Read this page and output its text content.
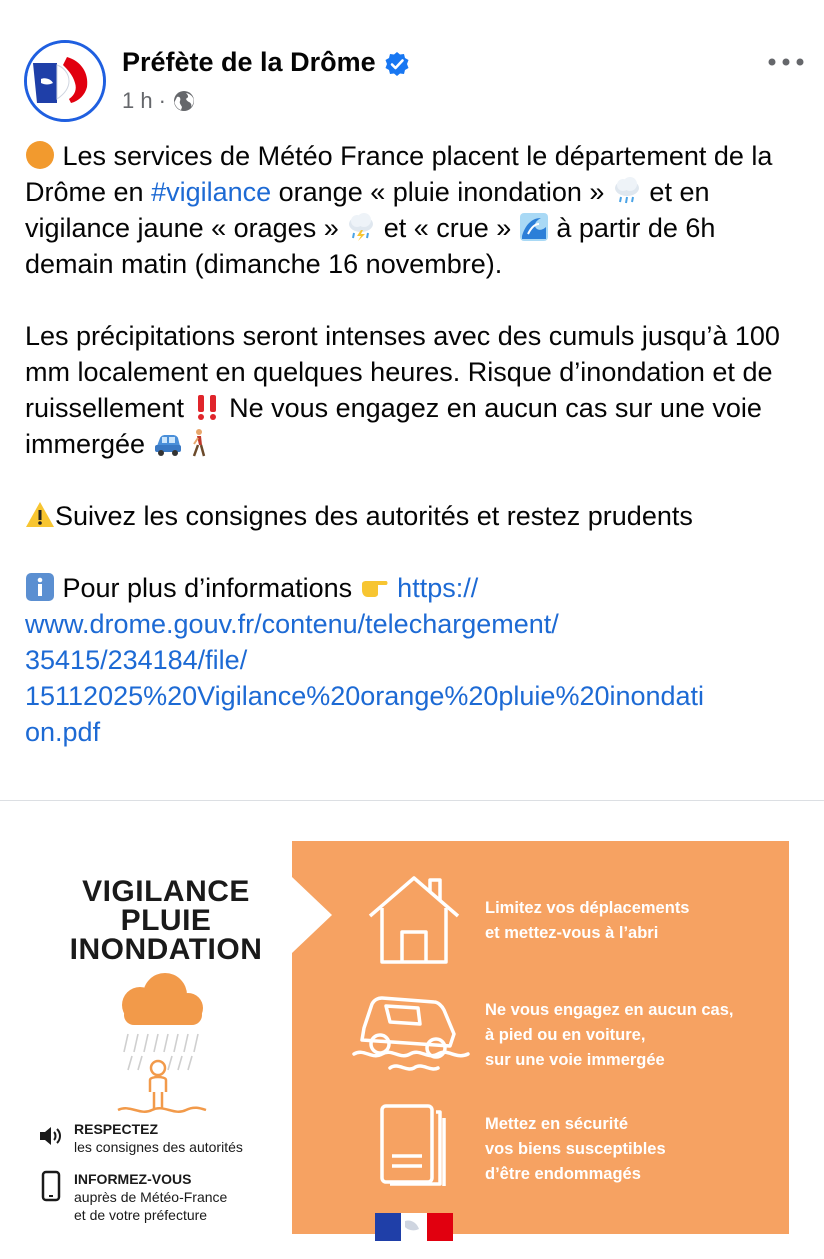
Préfète de la Drôme
1 h ·

Les services de Météo France placent le département de la Drôme en #vigilance orange « pluie inondation »  et en vigilance jaune « orages »  et « crue »  à partir de 6h demain matin (dimanche 16 novembre).

Les précipitations seront intenses avec des cumuls jusqu’à 100 mm localement en quelques heures. Risque d’inondation et de ruissellement  Ne vous engagez en aucun cas sur une voie immergée

Suivez les consignes des autorités et restez prudents

Pour plus d’informations  https://
www.drome.gouv.fr/contenu/telechargement/
35415/234184/file/
15112025%20Vigilance%20orange%20pluie%20inondati
on.pdf

VIGILANCE
PLUIE
INONDATION
RESPECTEZ
les consignes des autorités
INFORMEZ-VOUS
auprès de Météo-France
et de votre préfecture
Limitez vos déplacements
et mettez-vous à l’abri
Ne vous engagez en aucun cas,
à pied ou en voiture,
sur une voie immergée
Mettez en sécurité
vos biens susceptibles
d’être endommagés
